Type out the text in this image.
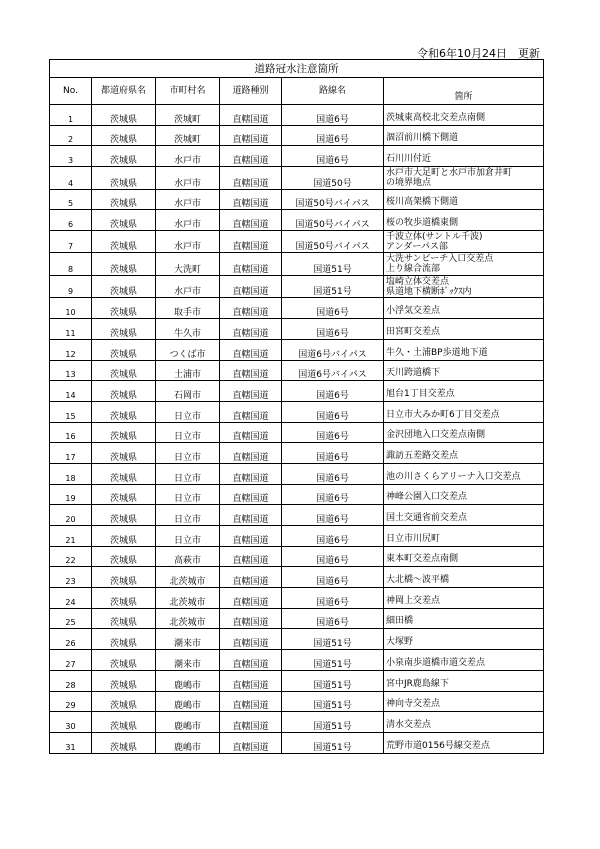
令和6年10月24日　更新
道路冠水注意箇所					
No.	都道府県名	市町村名	道路種別	路線名	箇所
1	茨城県	茨城町	直轄国道	国道6号	茨城東高校北交差点南側

2	茨城県	茨城町	直轄国道	国道6号	涸沼前川橋下側道

3	茨城県	水戸市	直轄国道	国道6号	石川川付近

4	茨城県	水戸市	直轄国道	国道50号	水戸市大足町と水戸市加倉井町
の境界地点

5	茨城県	水戸市	直轄国道	国道50号バイパス	桜川高架橋下側道

6	茨城県	水戸市	直轄国道	国道50号バイパス	桜の牧歩道橋東側

7	茨城県	水戸市	直轄国道	国道50号バイパス	千波立体(サントル千波)
アンダーパス部

8	茨城県	大洗町	直轄国道	国道51号	大洗サンビーチ入口交差点
上り線合流部

9	茨城県	水戸市	直轄国道	国道51号	塩崎立体交差点
県道地下横断ﾎﾞｯｸｽ内

10	茨城県	取手市	直轄国道	国道6号	小浮気交差点

11	茨城県	牛久市	直轄国道	国道6号	田宮町交差点

12	茨城県	つくば市	直轄国道	国道6号バイパス	牛久・土浦BP歩道地下道

13	茨城県	土浦市	直轄国道	国道6号バイパス	天川跨道橋下

14	茨城県	石岡市	直轄国道	国道6号	旭台1丁目交差点

15	茨城県	日立市	直轄国道	国道6号	日立市大みか町6丁目交差点

16	茨城県	日立市	直轄国道	国道6号	金沢団地入口交差点南側

17	茨城県	日立市	直轄国道	国道6号	諏訪五差路交差点

18	茨城県	日立市	直轄国道	国道6号	池の川さくらアリーナ入口交差点

19	茨城県	日立市	直轄国道	国道6号	神峰公園入口交差点

20	茨城県	日立市	直轄国道	国道6号	国土交通省前交差点

21	茨城県	日立市	直轄国道	国道6号	日立市川尻町

22	茨城県	高萩市	直轄国道	国道6号	東本町交差点南側

23	茨城県	北茨城市	直轄国道	国道6号	大北橋～波平橋

24	茨城県	北茨城市	直轄国道	国道6号	神岡上交差点

25	茨城県	北茨城市	直轄国道	国道6号	細田橋

26	茨城県	潮来市	直轄国道	国道51号	大塚野

27	茨城県	潮来市	直轄国道	国道51号	小泉南歩道橋市道交差点

28	茨城県	鹿嶋市	直轄国道	国道51号	宮中JR鹿島線下

29	茨城県	鹿嶋市	直轄国道	国道51号	神向寺交差点

30	茨城県	鹿嶋市	直轄国道	国道51号	清水交差点

31	茨城県	鹿嶋市	直轄国道	国道51号	荒野市道0156号線交差点
